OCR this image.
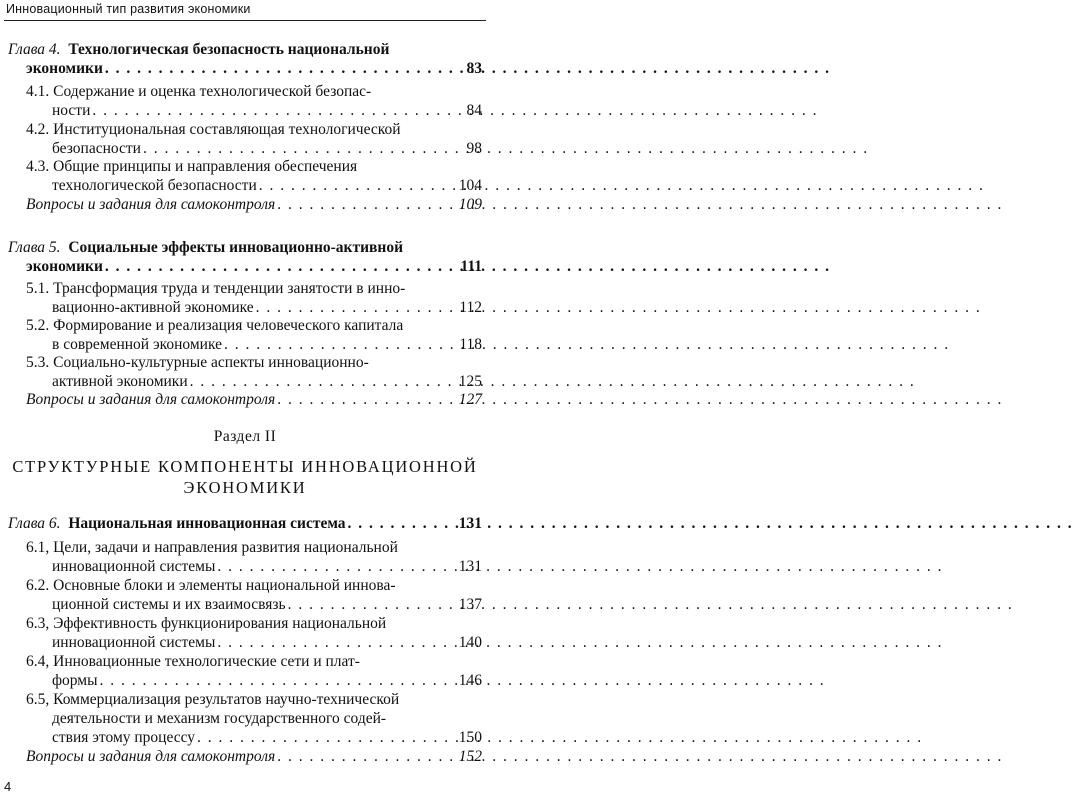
Инновационный тип развития экономики
Глава 4. Технологическая безопасность национальной
экономики . . .	83
4.1. Содержание и оценка технологической безопас-
ности . . .	84
4.2. Институциональная составляющая технологической
безопасности . . .	98
4.3. Общие принципы и направления обеспечения
технологической безопасности . . .	104
Вопросы и задания для самоконтроля . . .	109
Глава 5. Социальные эффекты инновационно-активной
экономики . . .	111
5.1. Трансформация труда и тенденции занятости в инно-
вационно-активной экономике . . .	112
5.2. Формирование и реализация человеческого капитала
в современной экономике . . .	118
5.3. Социально-культурные аспекты инновационно-
активной экономики . . .	125
Вопросы и задания для самоконтроля . . .	127
Раздел II
СТРУКТУРНЫЕ КОМПОНЕНТЫ ИННОВАЦИОННОЙ
ЭКОНОМИКИ
Глава 6. Национальная инновационная система . . .	131
6.1, Цели, задачи и направления развития национальной
инновационной системы . . .	131
6.2. Основные блоки и элементы национальной иннова-
ционной системы и их взаимосвязь . . .	137
6.3, Эффективность функционирования национальной
инновационной системы . . .	140
6.4, Инновационные технологические сети и плат-
формы . . .	146
6.5, Коммерциализация результатов научно-технической
деятельности и механизм государственного содей-
ствия этому процессу . . .	150
Вопросы и задания для самоконтроля . . .	152
4
